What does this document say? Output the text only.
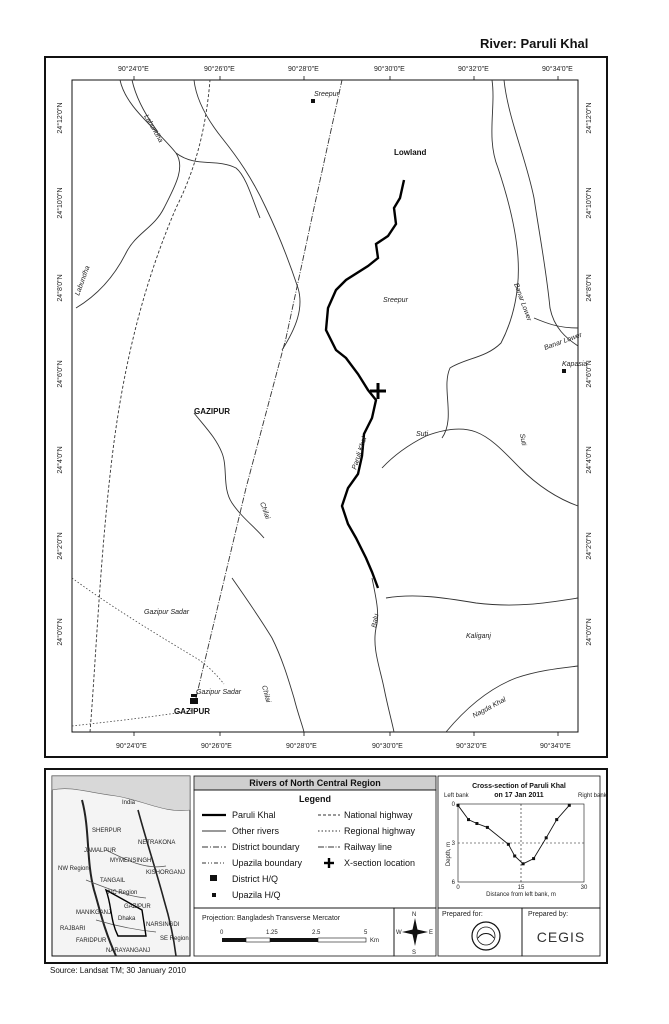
River: Paruli Khal
90°24'0"E	90°26'0"E	90°28'0"E	90°30'0"E	90°32'0"E	90°34'0"E
90°24'0"E	90°26'0"E	90°28'0"E	90°30'0"E	90°32'0"E	90°34'0"E
24°12'0"N
24°10'0"N
24°8'0"N
24°6'0"N
24°4'0"N
24°2'0"N
24°0'0"N
24°12'0"N
24°10'0"N
24°8'0"N
24°6'0"N
24°4'0"N
24°2'0"N
24°0'0"N
Sreepur
Lowland
Labundha
Labundha
Sreepur	Banar Lower
Banar Lower
Kapasia
GAZIPUR
Paruli Khal
Suti	Suti
Chilai
Chilai
Balu
Gazipur Sadar
Gazipur Sadar
GAZIPUR
Kaliganj
Nagda Khal
India
SHERPUR
JAMALPUR
NETRAKONA
MYMENSINGH
TANGAIL
KISHORGANJ
NW Region
NC Region
Dhaka
GAZIPUR
RAJBARI
FARIDPUR
NARAYANGANJ
MANIKGANJ
SE Region
NARSINGDI
Rivers of North Central Region
Legend
Paruli Khal
Other rivers
District boundary
Upazila boundary
District H/Q
Upazila H/Q
National highway
Regional highway
Railway line
X-section location
Projection: Bangladesh Transverse Mercator
0	1.25	2.5	5
Km
N
S
E
W
Cross-section of Paruli Khal
on 17 Jan 2011
Left bank	Right bank
Depth, m
Distance from left bank, m
0	15	30
0
3
6
Prepared for:	Prepared by:
CEGIS
Source: Landsat TM; 30 January 2010
